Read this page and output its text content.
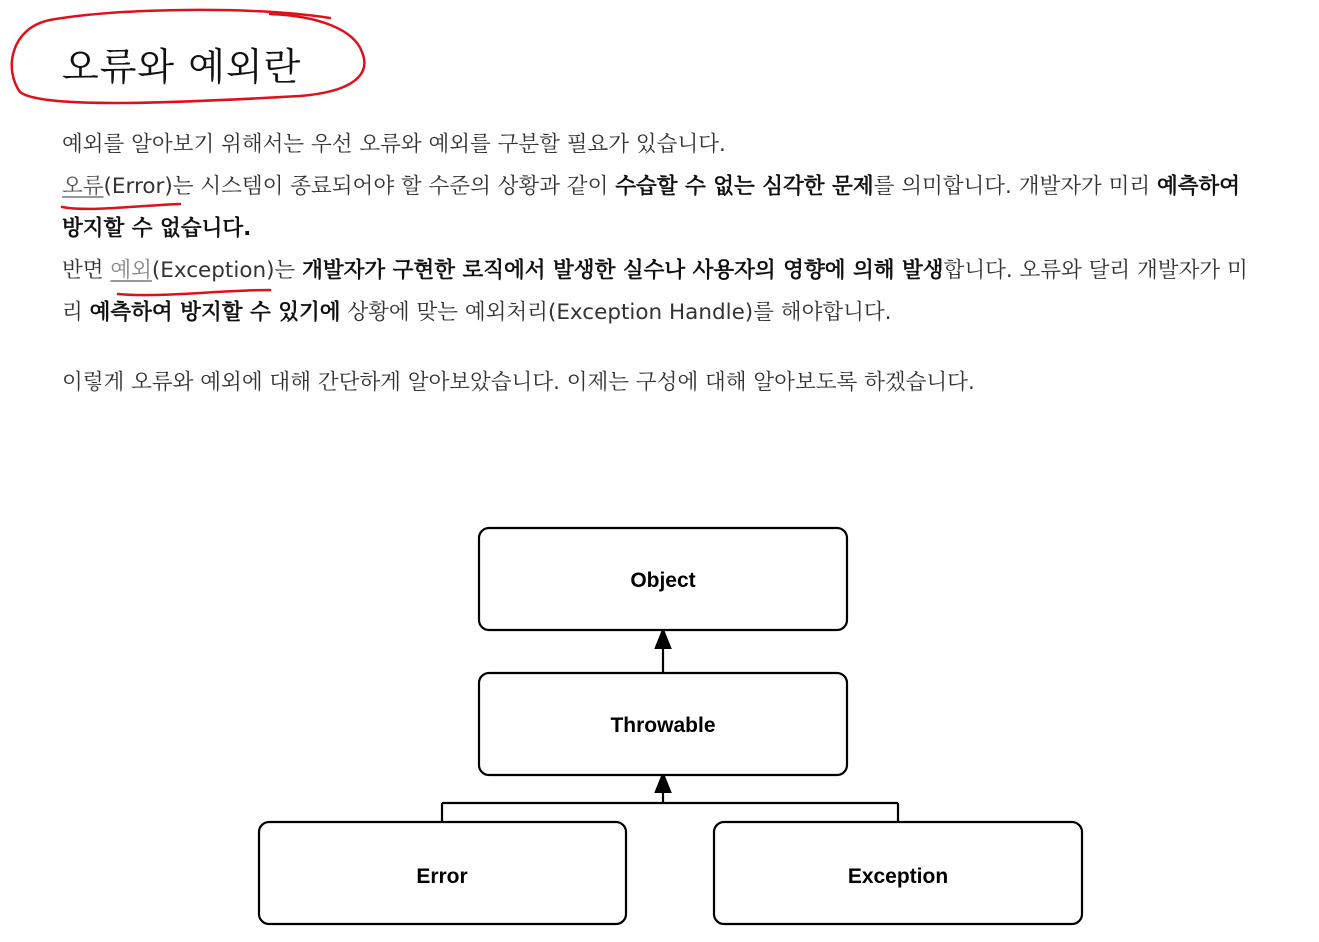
오류와 예외란
예외를 알아보기 위해서는 우선 오류와 예외를 구분할 필요가 있습니다.
오류(Error)는 시스템이 종료되어야 할 수준의 상황과 같이 수습할 수 없는 심각한 문제를 의미합니다. 개발자가 미리 예측하여 방지할 수 없습니다.
반면 예외(Exception)는 개발자가 구현한 로직에서 발생한 실수나 사용자의 영향에 의해 발생합니다. 오류와 달리 개발자가 미리 예측하여 방지할 수 있기에 상황에 맞는 예외처리(Exception Handle)를 해야합니다.

이렇게 오류와 예외에 대해 간단하게 알아보았습니다. 이제는 구성에 대해 알아보도록 하겠습니다.

Object
Throwable
Error	Exception
